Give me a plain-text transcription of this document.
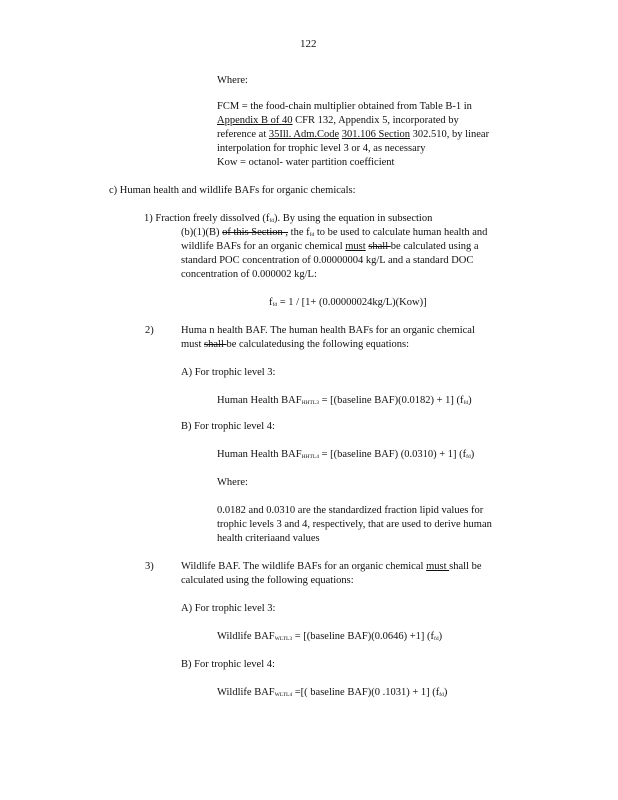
122
Where:
FCM = the food-chain multiplier obtained from Table B-1 in
Appendix B of 40 CFR 132, Appendix 5, incorporated by
reference at 35Ill. Adm.Code 301.106 Section 302.510, by linear
interpolation for trophic level 3 or 4, as necessary
Kow = octanol- water partition coefficient
c) Human health and wildlife BAFs for organic chemicals:
1) Fraction freely dissolved $(f_{fd})$. By using the equation in subsection
(b)(1)(B) of this Section , the $f_{fd}$ to be used to calculate human health and
wildlife BAFs for an organic chemical must shall be calculated using a
standard POC concentration of 0.00000004 kg/L and a standard DOC
concentration of 0.000002 kg/L:
$f_{fd} = 1 / [1+ (0.00000024kg/L)(Kow)]$
2)	Huma n health BAF. The human health BAFs for an organic chemical
must shall be calculatedusing the following equations:
A) For trophic level 3:
Human Health $BAF_{HHTL3}$ = [(baseline BAF)(0.0182) + 1] $(f_{fd})$
B) For trophic level 4:
Human Health $BAF_{HHTL4}$ = [(baseline BAF) (0.0310) + 1] $(f_{fd})$
Where:
0.0182 and 0.0310 are the standardized fraction lipid values for
trophic levels 3 and 4, respectively, that are used to derive human
health criteriaand values
3)	Wildlife BAF. The wildlife BAFs for an organic chemical must shall be
calculated using the following equations:
A) For trophic level 3:
Wildlife $BAF_{WLTL3}$ = [(baseline BAF)(0.0646) +1] $(f_{fd})$
B) For trophic level 4:
Wildlife $BAF_{WLTL4}$ =[( baseline BAF)(0 .1031) + 1] $(f_{fd})$
